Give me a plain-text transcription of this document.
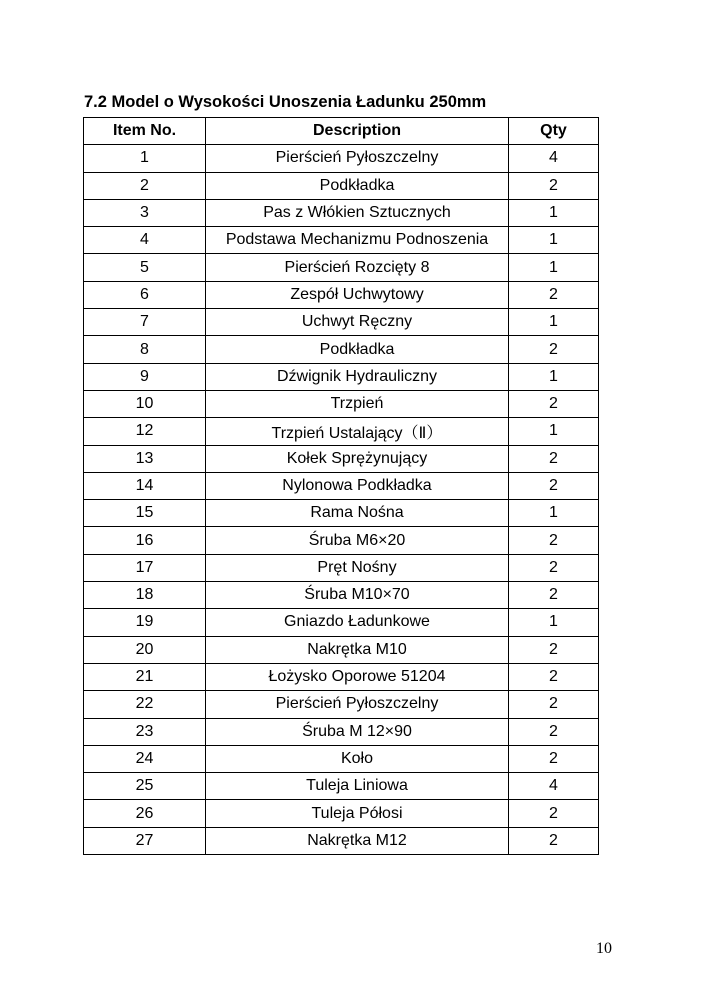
7.2 Model o Wysokości Unoszenia Ładunku 250mm
Item No.	Description	Qty
1	Pierścień Pyłoszczelny	4
2	Podkładka	2
3	Pas z Włókien Sztucznych	1
4	Podstawa Mechanizmu Podnoszenia	1
5	Pierścień Rozcięty 8	1
6	Zespół Uchwytowy	2
7	Uchwyt Ręczny	1
8	Podkładka	2
9	Dźwignik Hydrauliczny	1
10	Trzpień	2
12	Trzpień Ustalający（Ⅱ）	1
13	Kołek Sprężynujący	2
14	Nylonowa Podkładka	2
15	Rama Nośna	1
16	Śruba M6×20	2
17	Pręt Nośny	2
18	Śruba M10×70	2
19	Gniazdo Ładunkowe	1
20	Nakrętka M10	2
21	Łożysko Oporowe 51204	2
22	Pierścień Pyłoszczelny	2
23	Śruba M 12×90	2
24	Koło	2
25	Tuleja Liniowa	4
26	Tuleja Półosi	2
27	Nakrętka M12	2
10
